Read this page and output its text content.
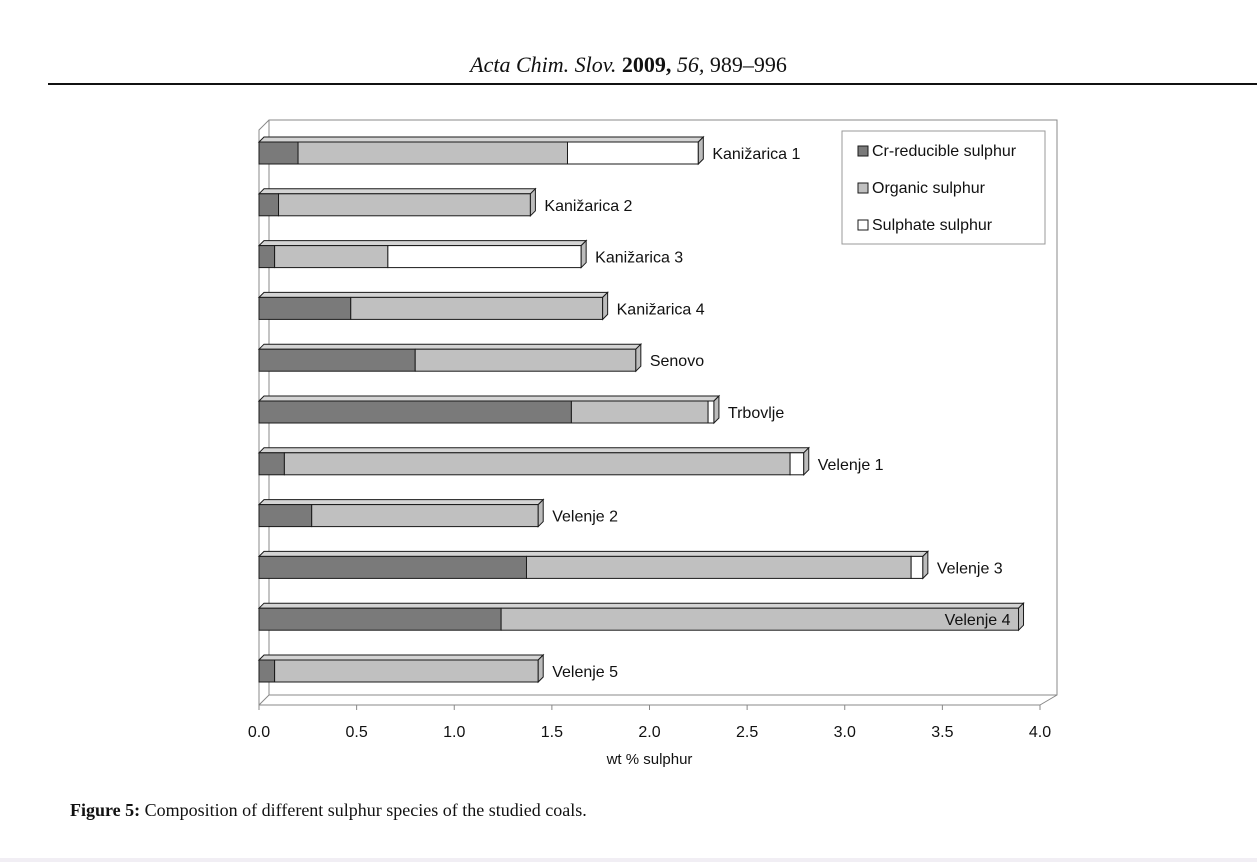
Acta Chim. Slov. 2009, 56, 989–996
Kanižarica 1
Kanižarica 2
Kanižarica 3
Kanižarica 4
Senovo
Trbovlje
Velenje 1
Velenje 2
Velenje 3
Velenje 4
Velenje 5
0.0	0.5	1.0	1.5	2.0	2.5	3.0	3.5	4.0
wt % sulphur
Cr-reducible sulphur
Organic sulphur
Sulphate sulphur
Figure 5: Composition of different sulphur species of the studied coals.
